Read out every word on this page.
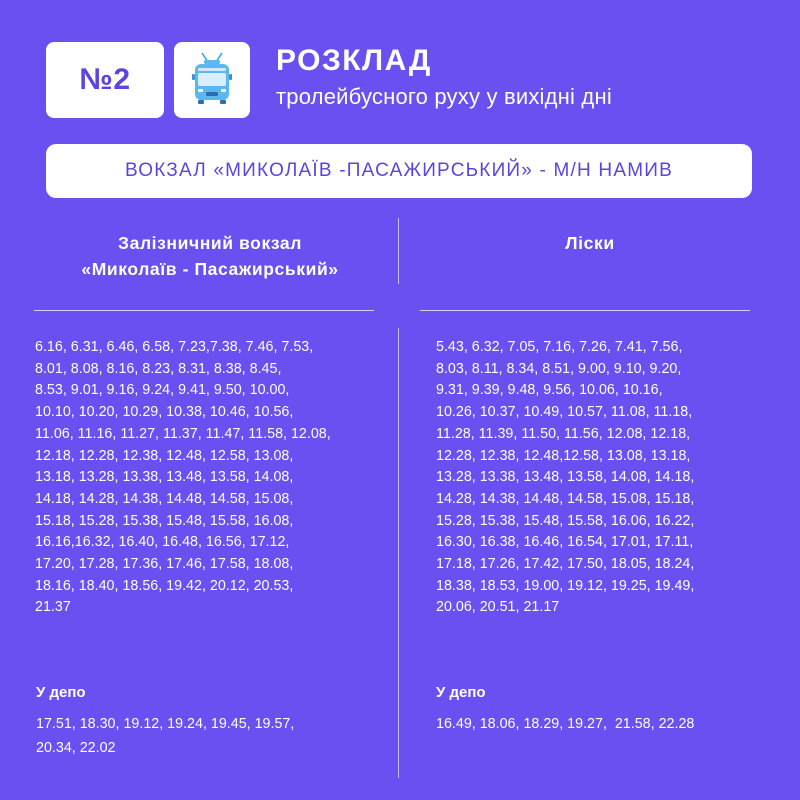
№2
РОЗКЛАД
тролейбусного руху у вихідні дні
ВОКЗАЛ «МИКОЛАЇВ -ПАСАЖИРСЬКИЙ» - М/Н НАМИВ
Залізничний вокзал
«Миколаїв - Пасажирський»
Ліски
6.16, 6.31, 6.46, 6.58, 7.23,7.38, 7.46, 7.53,
8.01, 8.08, 8.16, 8.23, 8.31, 8.38, 8.45,
8.53, 9.01, 9.16, 9.24, 9.41, 9.50, 10.00,
10.10, 10.20, 10.29, 10.38, 10.46, 10.56,
11.06, 11.16, 11.27, 11.37, 11.47, 11.58, 12.08,
12.18, 12.28, 12.38, 12.48, 12.58, 13.08,
13.18, 13.28, 13.38, 13.48, 13.58, 14.08,
14.18, 14.28, 14.38, 14.48, 14.58, 15.08,
15.18, 15.28, 15.38, 15.48, 15.58, 16.08,
16.16,16.32, 16.40, 16.48, 16.56, 17.12,
17.20, 17.28, 17.36, 17.46, 17.58, 18.08,
18.16, 18.40, 18.56, 19.42, 20.12, 20.53,
21.37
5.43, 6.32, 7.05, 7.16, 7.26, 7.41, 7.56,
8.03, 8.11, 8.34, 8.51, 9.00, 9.10, 9.20,
9.31, 9.39, 9.48, 9.56, 10.06, 10.16,
10.26, 10.37, 10.49, 10.57, 11.08, 11.18,
11.28, 11.39, 11.50, 11.56, 12.08, 12.18,
12.28, 12.38, 12.48,12.58, 13.08, 13.18,
13.28, 13.38, 13.48, 13.58, 14.08, 14.18,
14.28, 14.38, 14.48, 14.58, 15.08, 15.18,
15.28, 15.38, 15.48, 15.58, 16.06, 16.22,
16.30, 16.38, 16.46, 16.54, 17.01, 17.11,
17.18, 17.26, 17.42, 17.50, 18.05, 18.24,
18.38, 18.53, 19.00, 19.12, 19.25, 19.49,
20.06, 20.51, 21.17
У депо	У депо
17.51, 18.30, 19.12, 19.24, 19.45, 19.57,
20.34, 22.02
16.49, 18.06, 18.29, 19.27,  21.58, 22.28
